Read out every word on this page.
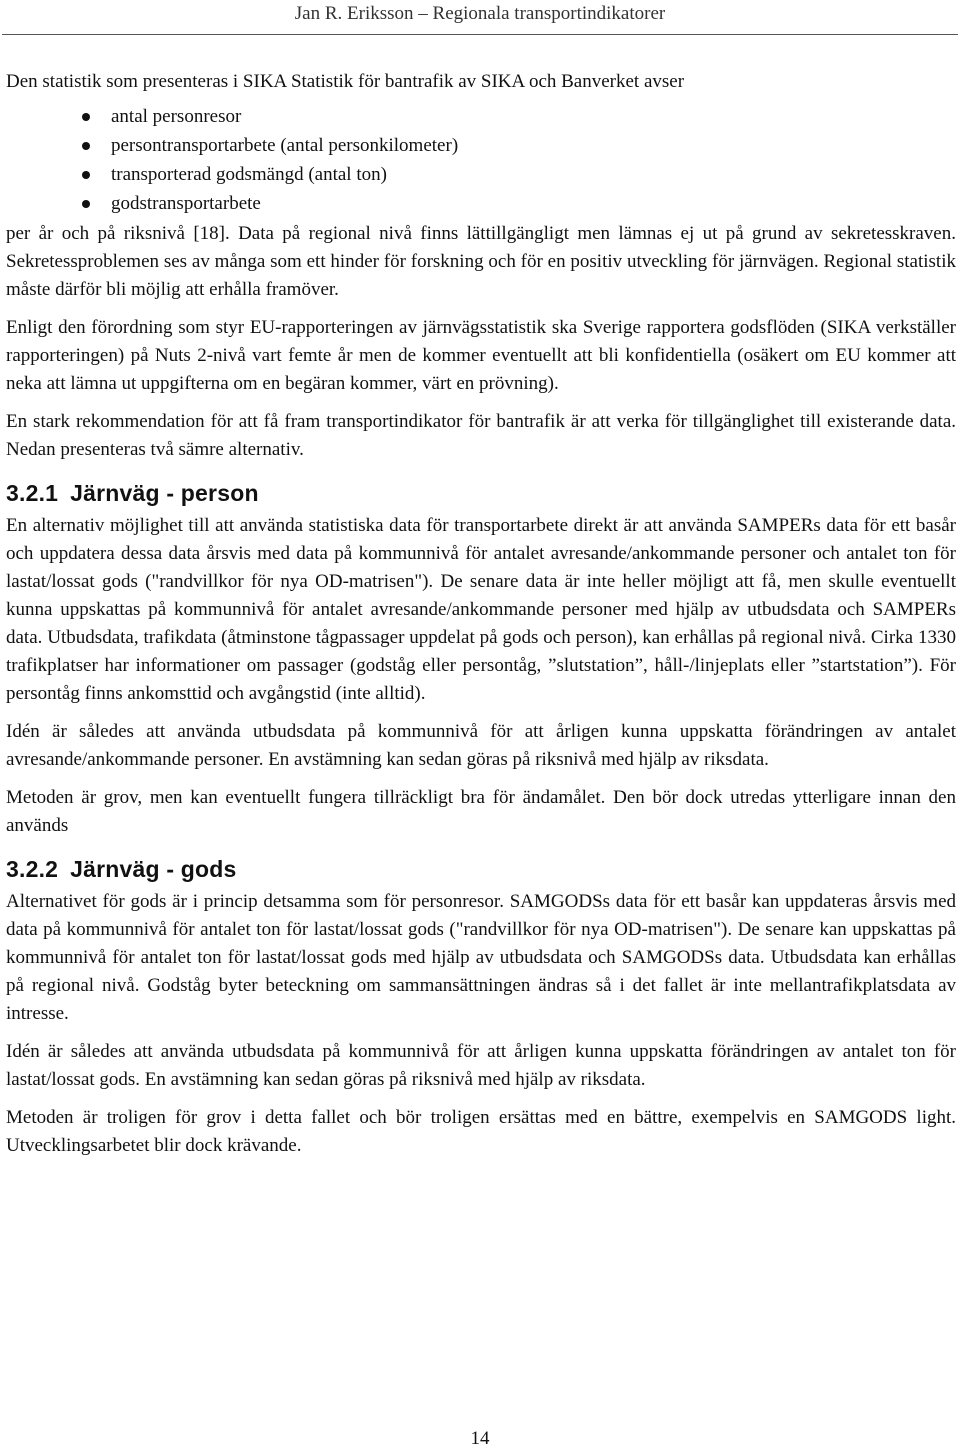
Jan R. Eriksson – Regionala transportindikatorer

Den statistik som presenteras i SIKA Statistik för bantrafik av SIKA och Banverket avser

antal personresor
persontransportarbete (antal personkilometer)
transporterad godsmängd (antal ton)
godstransportarbete

per år och på riksnivå [18]. Data på regional nivå finns lättillgängligt men lämnas ej ut på grund av sekretesskraven. Sekretessproblemen ses av många som ett hinder för forskning och för en positiv utveckling för järnvägen. Regional statistik måste därför bli möjlig att erhålla framöver.

Enligt den förordning som styr EU-rapporteringen av järnvägsstatistik ska Sverige rapportera godsflöden (SIKA verkställer rapporteringen) på Nuts 2-nivå vart femte år men de kommer eventuellt att bli konfidentiella (osäkert om EU kommer att neka att lämna ut uppgifterna om en begäran kommer, värt en prövning).

En stark rekommendation för att få fram transportindikator för bantrafik är att verka för tillgänglighet till existerande data. Nedan presenteras två sämre alternativ.

3.2.1 Järnväg - person

En alternativ möjlighet till att använda statistiska data för transportarbete direkt är att använda SAMPERs data för ett basår och uppdatera dessa data årsvis med data på kommunnivå för antalet avresande/ankommande personer och antalet ton för lastat/lossat gods ("randvillkor för nya OD-matrisen"). De senare data är inte heller möjligt att få, men skulle eventuellt kunna uppskattas på kommunnivå för antalet avresande/ankommande personer med hjälp av utbudsdata och SAMPERs data. Utbudsdata, trafikdata (åtminstone tågpassager uppdelat på gods och person), kan erhållas på regional nivå. Cirka 1330 trafikplatser har informationer om passager (godståg eller persontåg, ”slutstation”, håll-/linjeplats eller ”startstation”). För persontåg finns ankomsttid och avgångstid (inte alltid).

Idén är således att använda utbudsdata på kommunnivå för att årligen kunna uppskatta förändringen av antalet avresande/ankommande personer. En avstämning kan sedan göras på riksnivå med hjälp av riksdata.

Metoden är grov, men kan eventuellt fungera tillräckligt bra för ändamålet. Den bör dock utredas ytterligare innan den används

3.2.2 Järnväg - gods

Alternativet för gods är i princip detsamma som för personresor. SAMGODSs data för ett basår kan uppdateras årsvis med data på kommunnivå för antalet ton för lastat/lossat gods ("randvillkor för nya OD-matrisen"). De senare kan uppskattas på kommunnivå för antalet ton för lastat/lossat gods med hjälp av utbudsdata och SAMGODSs data. Utbudsdata kan erhållas på regional nivå. Godståg byter beteckning om sammansättningen ändras så i det fallet är inte mellantrafikplatsdata av intresse.

Idén är således att använda utbudsdata på kommunnivå för att årligen kunna uppskatta förändringen av antalet ton för lastat/lossat gods. En avstämning kan sedan göras på riksnivå med hjälp av riksdata.

Metoden är troligen för grov i detta fallet och bör troligen ersättas med en bättre, exempelvis en SAMGODS light. Utvecklingsarbetet blir dock krävande.

14
